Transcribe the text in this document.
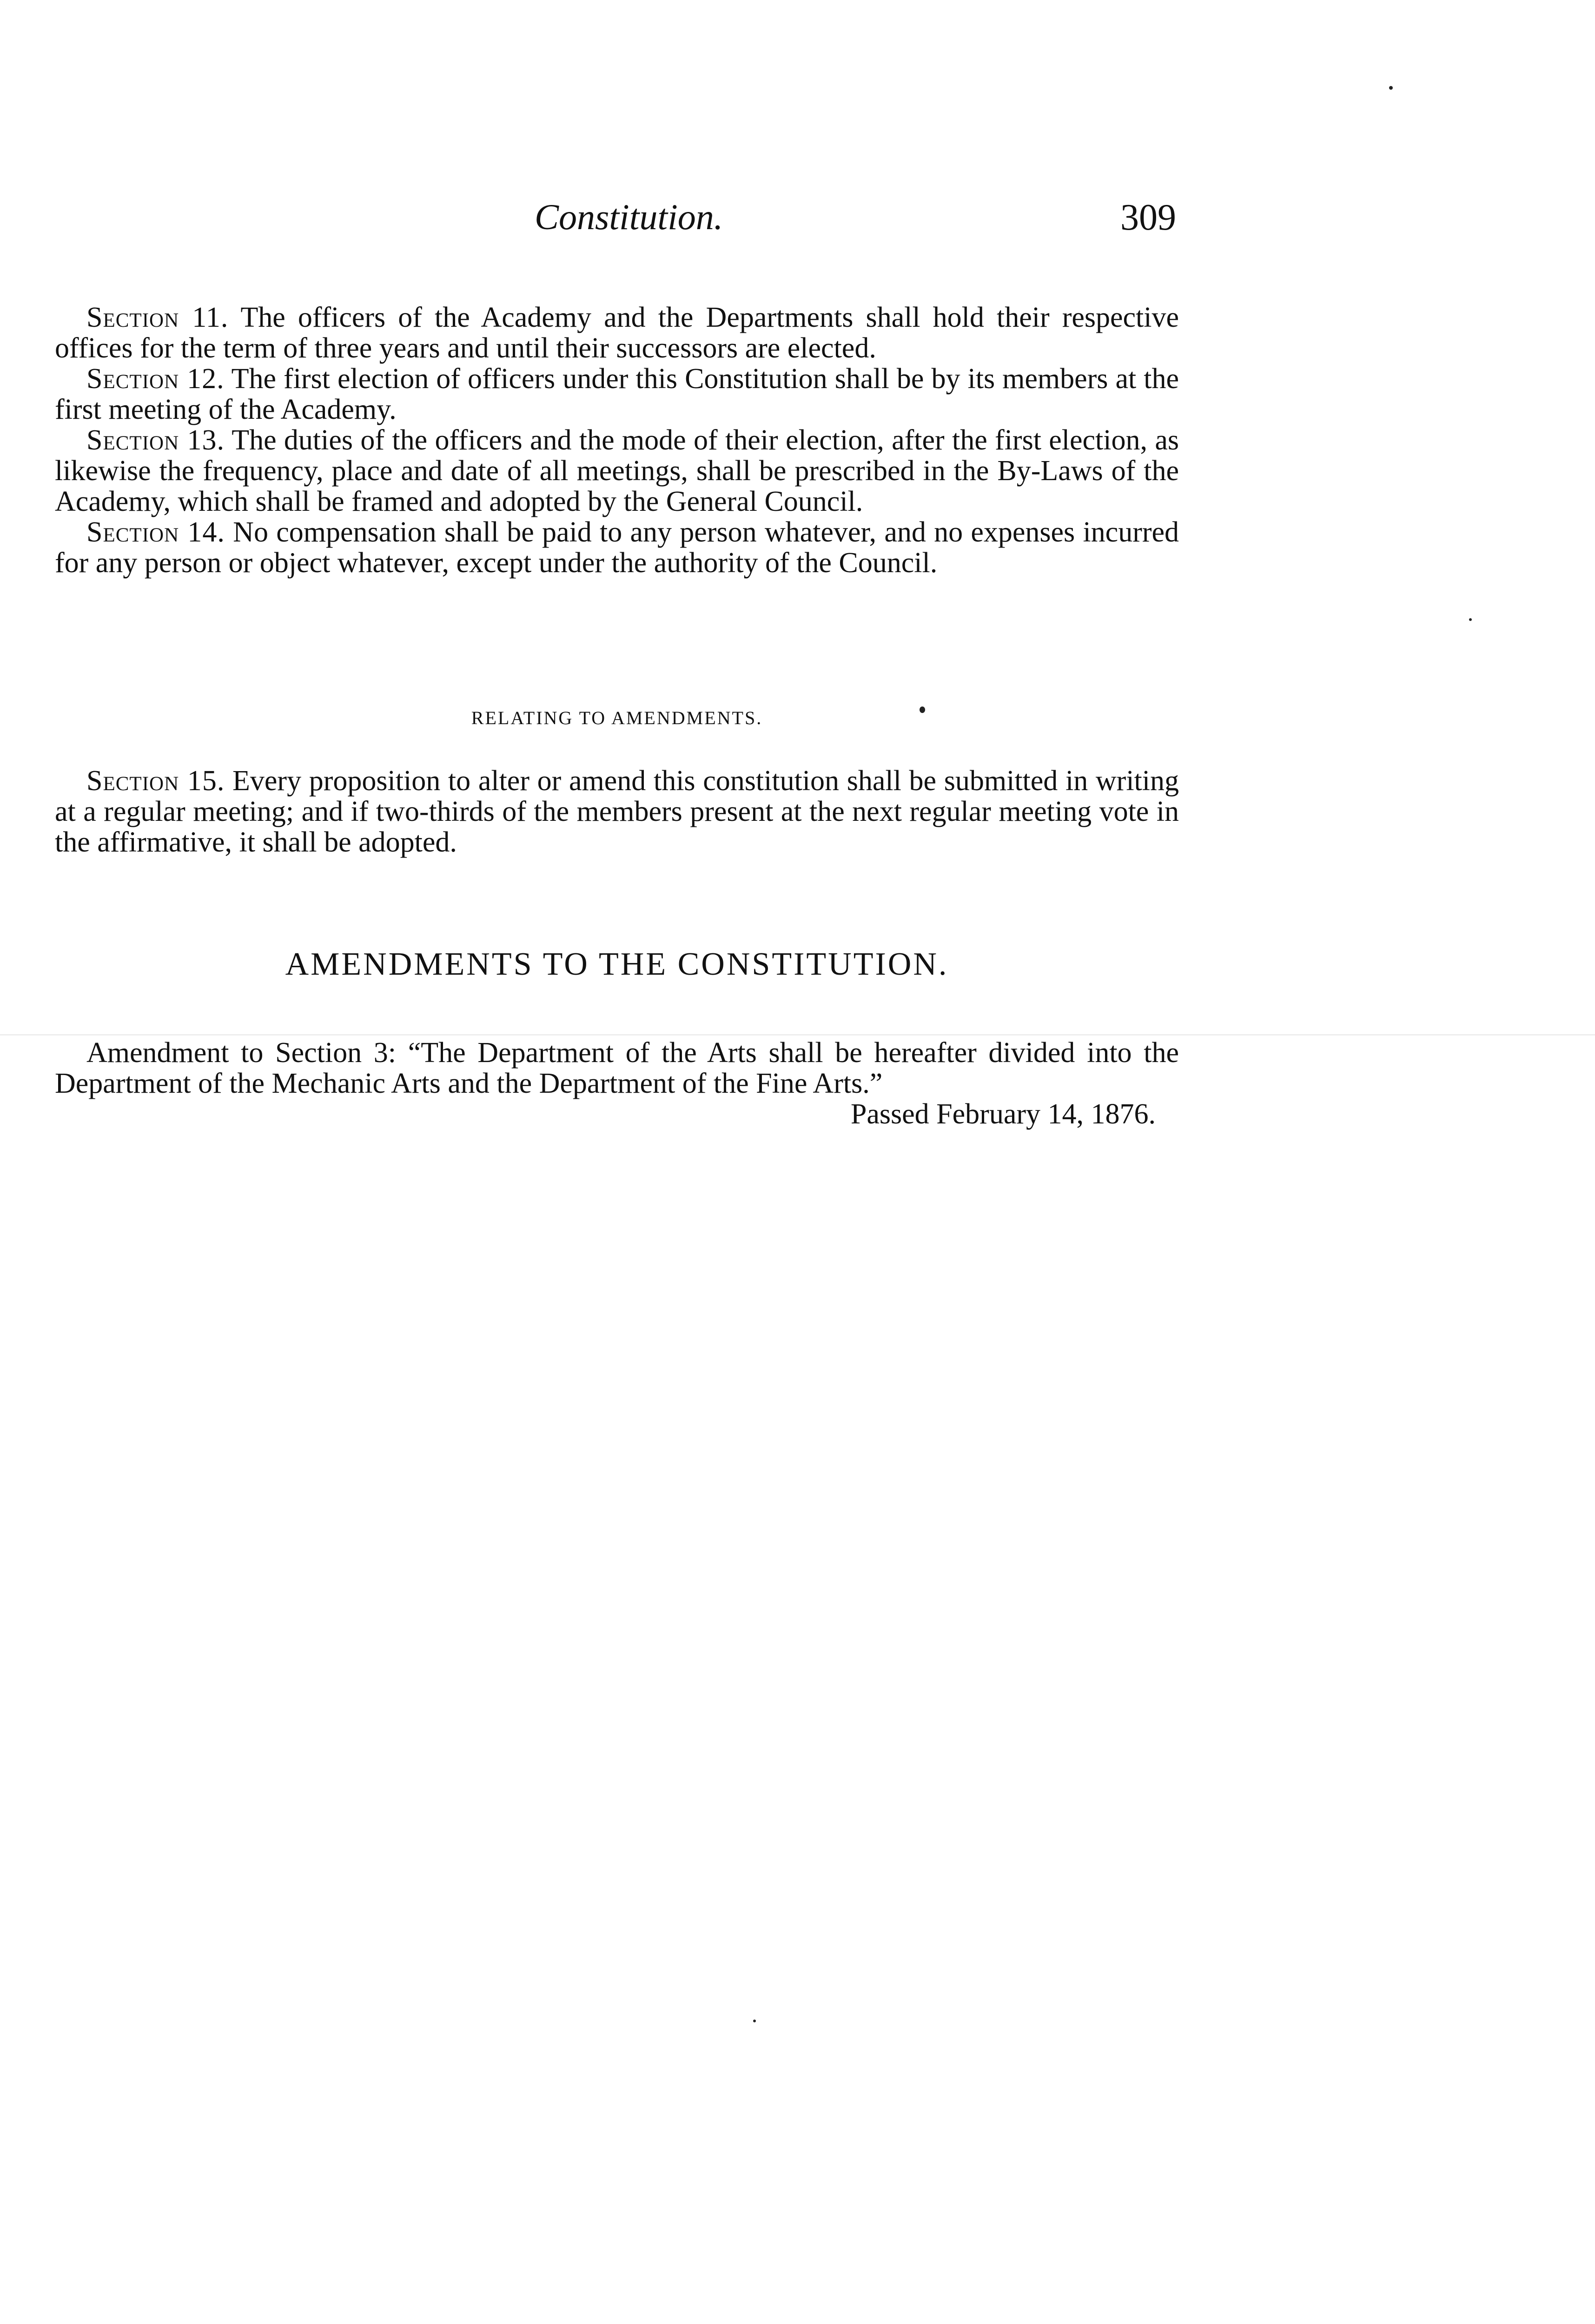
Constitution.	309

Section 11. The officers of the Academy and the Departments shall hold their respective offices for the term of three years and until their successors are elected.

Section 12. The first election of officers under this Constitution shall be by its members at the first meeting of the Academy.

Section 13. The duties of the officers and the mode of their election, after the first election, as likewise the frequency, place and date of all meetings, shall be prescribed in the By-Laws of the Academy, which shall be framed and adopted by the General Council.

Section 14. No compensation shall be paid to any person whatever, and no expenses incurred for any person or object whatever, except under the authority of the Council.

RELATING TO AMENDMENTS.

Section 15. Every proposition to alter or amend this constitution shall be submitted in writing at a regular meeting; and if two-thirds of the members present at the next regular meeting vote in the affirmative, it shall be adopted.

AMENDMENTS TO THE CONSTITUTION.

Amendment to Section 3: “The Department of the Arts shall be hereafter divided into the Department of the Mechanic Arts and the Department of the Fine Arts.”
Passed February 14, 1876.
